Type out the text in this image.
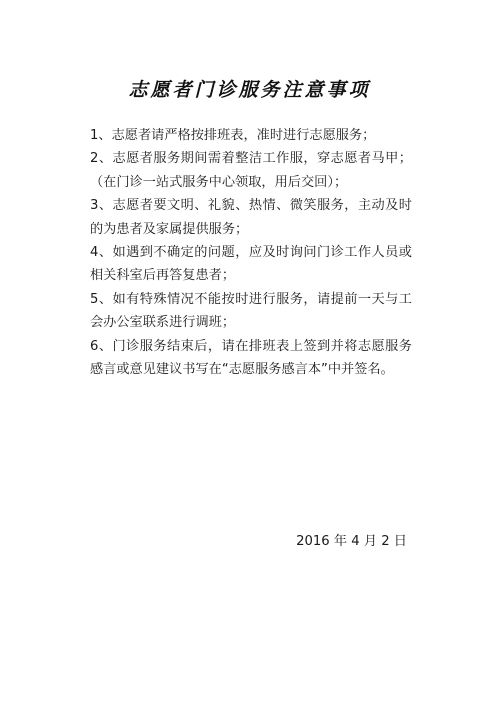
志愿者门诊服务注意事项

1、志愿者请严格按排班表，准时进行志愿服务；

2、志愿者服务期间需着整洁工作服，穿志愿者马甲；（在门诊一站式服务中心领取，用后交回）；

3、志愿者要文明、礼貌、热情、微笑服务，主动及时的为患者及家属提供服务；

4、如遇到不确定的问题，应及时询问门诊工作人员或相关科室后再答复患者；

5、如有特殊情况不能按时进行服务，请提前一天与工会办公室联系进行调班；

6、门诊服务结束后，请在排班表上签到并将志愿服务感言或意见建议书写在“志愿服务感言本”中并签名。

2016 年 4 月 2 日
